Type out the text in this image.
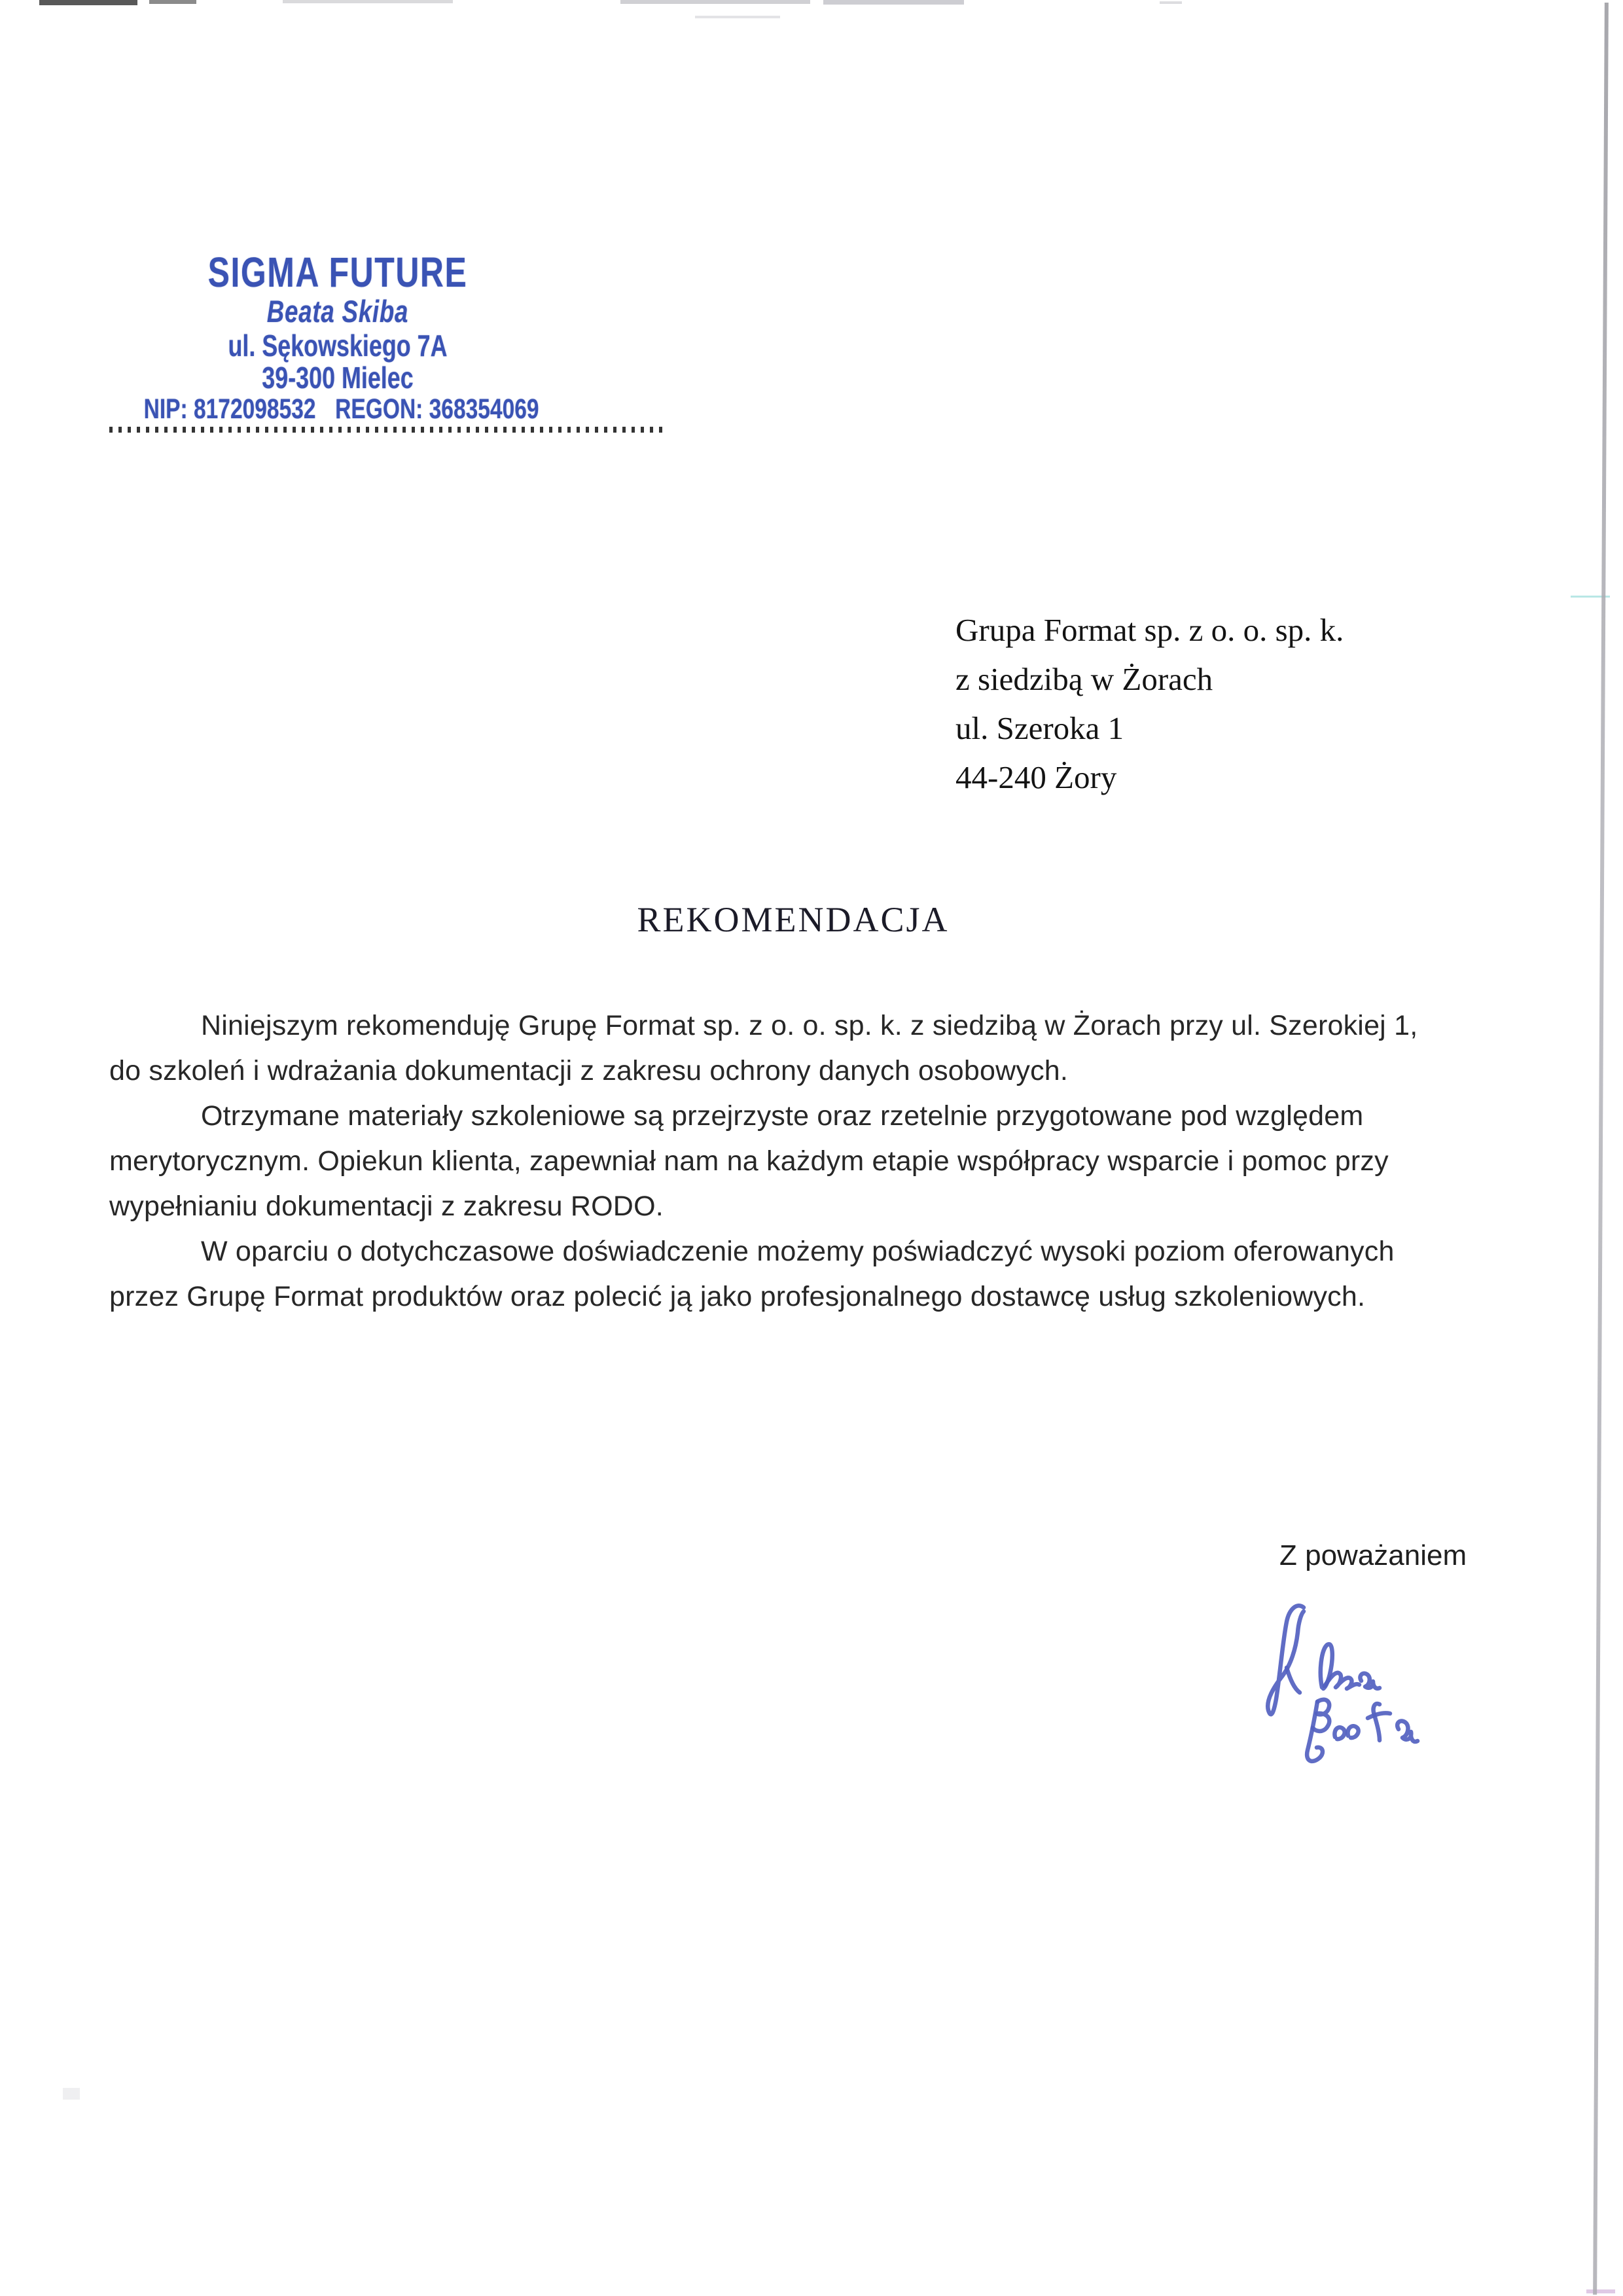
SIGMA FUTURE
Beata Skiba
ul. Sękowskiego 7A
39-300 Mielec
NIP: 8172098532 REGON: 368354069
Grupa Format sp. z o. o. sp. k.
z siedzibą w Żorach
ul. Szeroka 1
44-240 Żory
REKOMENDACJA
Niniejszym rekomenduję Grupę Format sp. z o. o. sp. k. z siedzibą w Żorach przy ul. Szerokiej 1,
do szkoleń i wdrażania dokumentacji z zakresu ochrony danych osobowych.
Otrzymane materiały szkoleniowe są przejrzyste oraz rzetelnie przygotowane pod względem
merytorycznym. Opiekun klienta, zapewniał nam na każdym etapie współpracy wsparcie i pomoc przy
wypełnianiu dokumentacji z zakresu RODO.
W oparciu o dotychczasowe doświadczenie możemy poświadczyć wysoki poziom oferowanych
przez Grupę Format produktów oraz polecić ją jako profesjonalnego dostawcę usług szkoleniowych.
Z poważaniem
